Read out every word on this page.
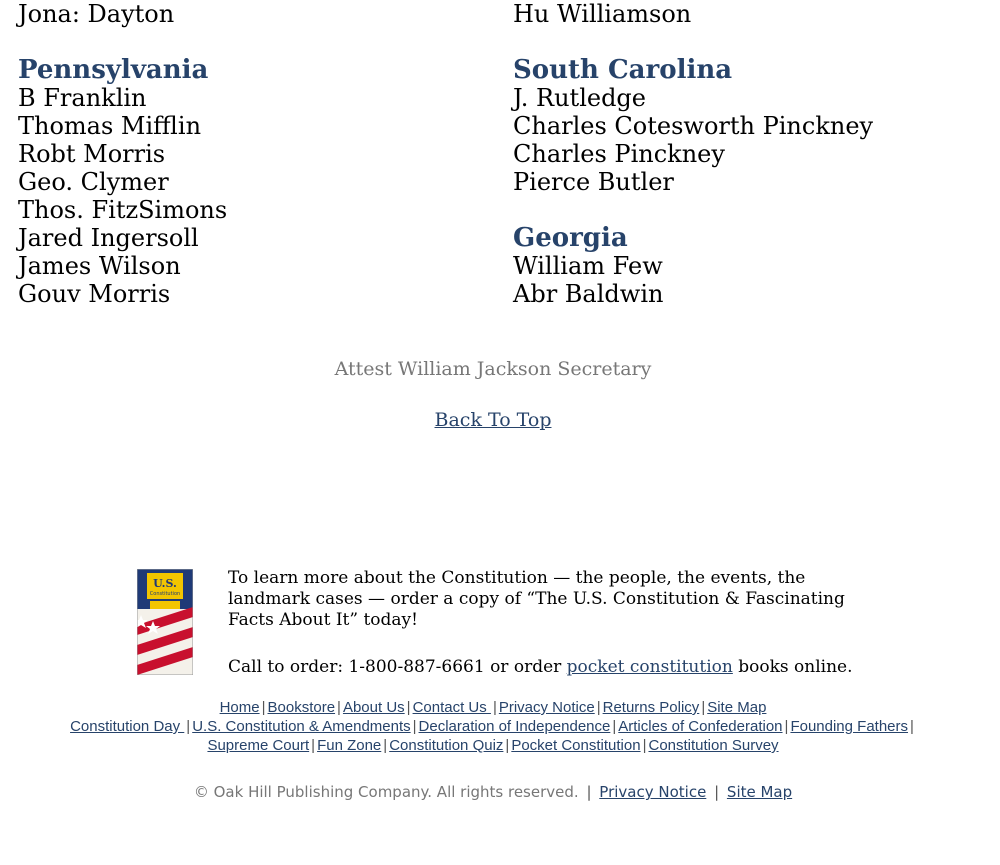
Jona: Dayton
Pennsylvania
B Franklin
Thomas Mifflin
Robt Morris
Geo. Clymer
Thos. FitzSimons
Jared Ingersoll
James Wilson
Gouv Morris
Hu Williamson
South Carolina
J. Rutledge
Charles Cotesworth Pinckney
Charles Pinckney
Pierce Butler
Georgia
William Few
Abr Baldwin
Attest William Jackson Secretary
Back To Top
U.S.
Constitution
To learn more about the Constitution — the people, the events, the landmark cases — order a copy of “The U.S. Constitution & Fascinating Facts About It” today!
Call to order: 1-800-887-6661 or order pocket constitution books online.
Home | Bookstore | About Us | Contact Us | Privacy Notice | Returns Policy | Site Map
Constitution Day | U.S. Constitution & Amendments | Declaration of Independence | Articles of Confederation | Founding Fathers |
Supreme Court | Fun Zone | Constitution Quiz | Pocket Constitution | Constitution Survey
© Oak Hill Publishing Company. All rights reserved. | Privacy Notice | Site Map
